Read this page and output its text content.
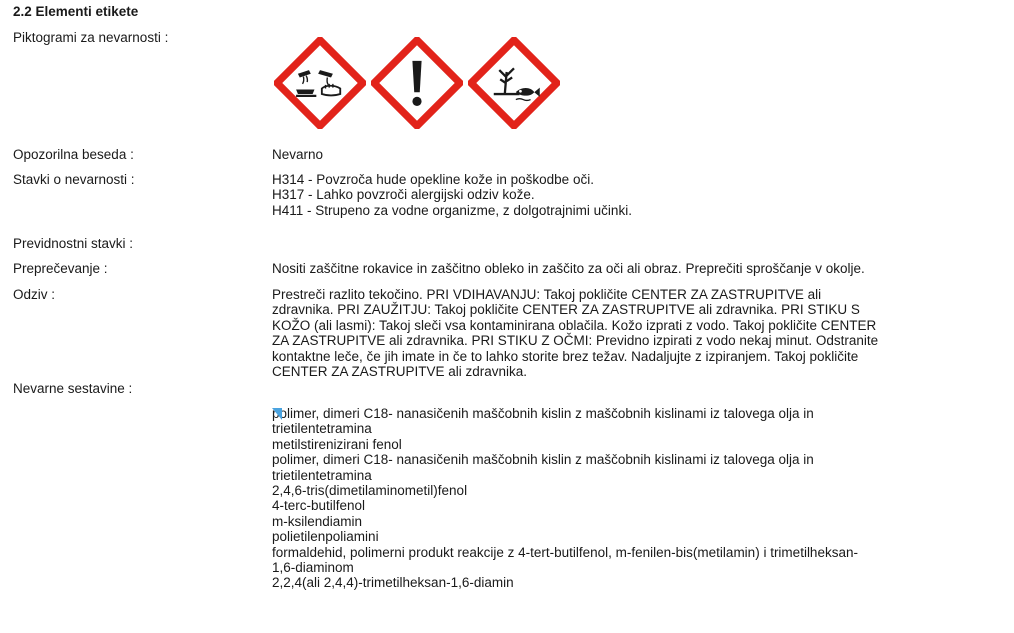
2.2 Elementi etikete
Piktogrami za nevarnosti :
Opozorilna beseda :	Nevarno
Stavki o nevarnosti :	H314 - Povzroča hude opekline kože in poškodbe oči.
H317 - Lahko povzroči alergijski odziv kože.
H411 - Strupeno za vodne organizme, z dolgotrajnimi učinki.
Previdnostni stavki :
Preprečevanje :	Nositi zaščitne rokavice in zaščitno obleko in zaščito za oči ali obraz. Preprečiti sproščanje v okolje.
Odziv :	Prestreči razlito tekočino. PRI VDIHAVANJU: Takoj pokličite CENTER ZA ZASTRUPITVE ali
zdravnika. PRI ZAUŽITJU: Takoj pokličite CENTER ZA ZASTRUPITVE ali zdravnika. PRI STIKU S
KOŽO (ali lasmi): Takoj sleči vsa kontaminirana oblačila. Kožo izprati z vodo. Takoj pokličite CENTER
ZA ZASTRUPITVE ali zdravnika. PRI STIKU Z OČMI: Previdno izpirati z vodo nekaj minut. Odstranite
kontaktne leče, če jih imate in če to lahko storite brez težav. Nadaljujte z izpiranjem. Takoj pokličite
CENTER ZA ZASTRUPITVE ali zdravnika.
Nevarne sestavine :
polimer, dimeri C18- nanasičenih maščobnih kislin z maščobnih kislinami iz talovega olja in
trietilentetramina
metilstirenizirani fenol
polimer, dimeri C18- nanasičenih maščobnih kislin z maščobnih kislinami iz talovega olja in
trietilentetramina
2,4,6-tris(dimetilaminometil)fenol
4-terc-butilfenol
m-ksilendiamin
polietilenpoliamini
formaldehid, polimerni produkt reakcije z 4-tert-butilfenol, m-fenilen-bis(metilamin) i trimetilheksan-
1,6-diaminom
2,2,4(ali 2,4,4)-trimetilheksan-1,6-diamin
